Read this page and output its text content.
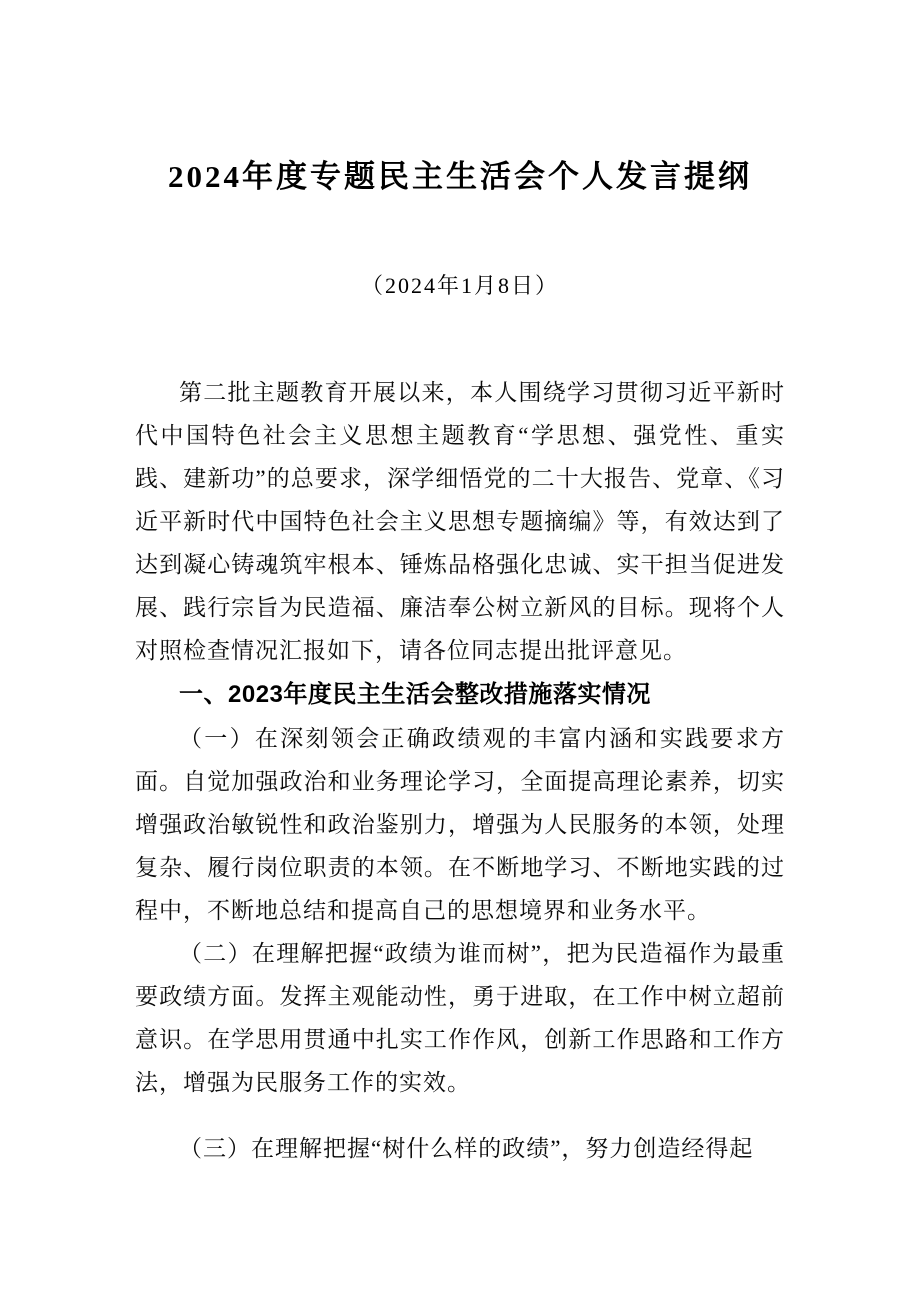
2024年度专题民主生活会个人发言提纲
（2024年1月8日）

第二批主题教育开展以来，本人围绕学习贯彻习近平新时代中国特色社会主义思想主题教育“学思想、强党性、重实践、建新功”的总要求，深学细悟党的二十大报告、党章、《习近平新时代中国特色社会主义思想专题摘编》等，有效达到了达到凝心铸魂筑牢根本、锤炼品格强化忠诚、实干担当促进发展、践行宗旨为民造福、廉洁奉公树立新风的目标。现将个人对照检查情况汇报如下，请各位同志提出批评意见。

一、2023年度民主生活会整改措施落实情况

（一）在深刻领会正确政绩观的丰富内涵和实践要求方面。自觉加强政治和业务理论学习，全面提高理论素养，切实增强政治敏锐性和政治鉴别力，增强为人民服务的本领，处理复杂、履行岗位职责的本领。在不断地学习、不断地实践的过程中，不断地总结和提高自己的思想境界和业务水平。

（二）在理解把握“政绩为谁而树”，把为民造福作为最重要政绩方面。发挥主观能动性，勇于进取，在工作中树立超前意识。在学思用贯通中扎实工作作风，创新工作思路和工作方法，增强为民服务工作的实效。

（三）在理解把握“树什么样的政绩”，努力创造经得起
